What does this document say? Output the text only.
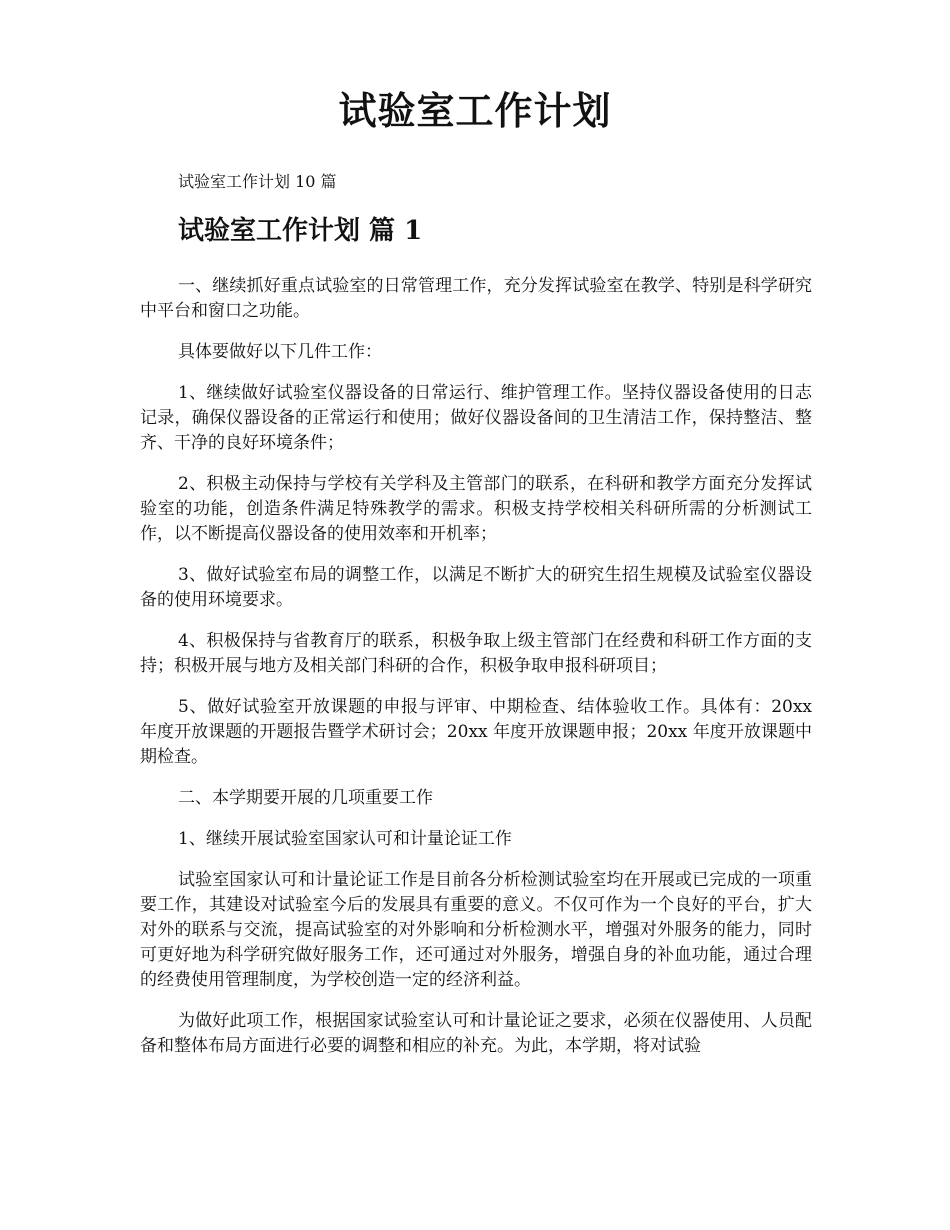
试验室工作计划

试验室工作计划 10 篇

试验室工作计划 篇 1

一、继续抓好重点试验室的日常管理工作，充分发挥试验室在教学、特别是科学研究中平台和窗口之功能。

具体要做好以下几件工作：

1、继续做好试验室仪器设备的日常运行、维护管理工作。坚持仪器设备使用的日志记录，确保仪器设备的正常运行和使用；做好仪器设备间的卫生清洁工作，保持整洁、整齐、干净的良好环境条件；

2、积极主动保持与学校有关学科及主管部门的联系，在科研和教学方面充分发挥试验室的功能，创造条件满足特殊教学的需求。积极支持学校相关科研所需的分析测试工作，以不断提高仪器设备的使用效率和开机率；

3、做好试验室布局的调整工作，以满足不断扩大的研究生招生规模及试验室仪器设备的使用环境要求。

4、积极保持与省教育厅的联系，积极争取上级主管部门在经费和科研工作方面的支持；积极开展与地方及相关部门科研的合作，积极争取申报科研项目；

5、做好试验室开放课题的申报与评审、中期检查、结体验收工作。具体有：20xx 年度开放课题的开题报告暨学术研讨会；20xx 年度开放课题申报；20xx 年度开放课题中期检查。

二、本学期要开展的几项重要工作

1、继续开展试验室国家认可和计量论证工作

试验室国家认可和计量论证工作是目前各分析检测试验室均在开展或已完成的一项重要工作，其建设对试验室今后的发展具有重要的意义。不仅可作为一个良好的平台，扩大对外的联系与交流，提高试验室的对外影响和分析检测水平，增强对外服务的能力，同时可更好地为科学研究做好服务工作，还可通过对外服务，增强自身的补血功能，通过合理的经费使用管理制度，为学校创造一定的经济利益。

为做好此项工作，根据国家试验室认可和计量论证之要求，必须在仪器使用、人员配备和整体布局方面进行必要的调整和相应的补充。为此，本学期，将对试验
